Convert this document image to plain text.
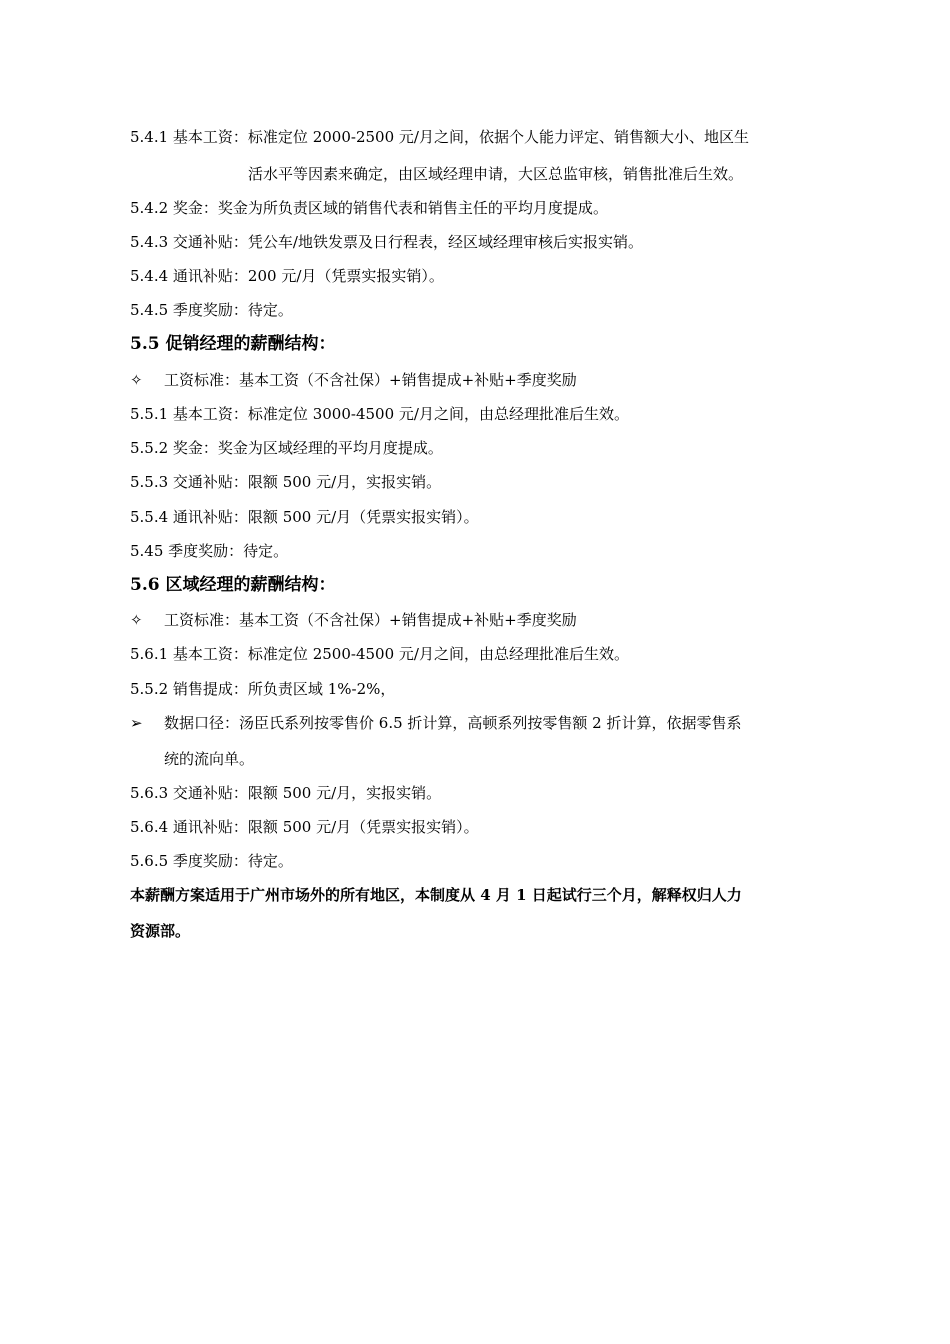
5.4.1 基本工资：标准定位 2000-2500 元/月之间，依据个人能力评定、销售额大小、地区生
活水平等因素来确定，由区域经理申请，大区总监审核，销售批准后生效。
5.4.2 奖金：奖金为所负责区域的销售代表和销售主任的平均月度提成。
5.4.3 交通补贴：凭公车/地铁发票及日行程表，经区域经理审核后实报实销。
5.4.4 通讯补贴：200 元/月（凭票实报实销）。
5.4.5 季度奖励：待定。
5.5 促销经理的薪酬结构：
✧ 工资标准：基本工资（不含社保）+销售提成+补贴+季度奖励
5.5.1 基本工资：标准定位 3000-4500 元/月之间，由总经理批准后生效。
5.5.2 奖金：奖金为区域经理的平均月度提成。
5.5.3 交通补贴：限额 500 元/月，实报实销。
5.5.4 通讯补贴：限额 500 元/月（凭票实报实销）。
5.45 季度奖励：待定。
5.6 区域经理的薪酬结构：
✧ 工资标准：基本工资（不含社保）+销售提成+补贴+季度奖励
5.6.1 基本工资：标准定位 2500-4500 元/月之间，由总经理批准后生效。
5.5.2 销售提成：所负责区域 1%-2%，
➢ 数据口径：汤臣氏系列按零售价 6.5 折计算，高顿系列按零售额 2 折计算，依据零售系
统的流向单。
5.6.3 交通补贴：限额 500 元/月，实报实销。
5.6.4 通讯补贴：限额 500 元/月（凭票实报实销）。
5.6.5 季度奖励：待定。
本薪酬方案适用于广州市场外的所有地区，本制度从 4 月 1 日起试行三个月，解释权归人力
资源部。
